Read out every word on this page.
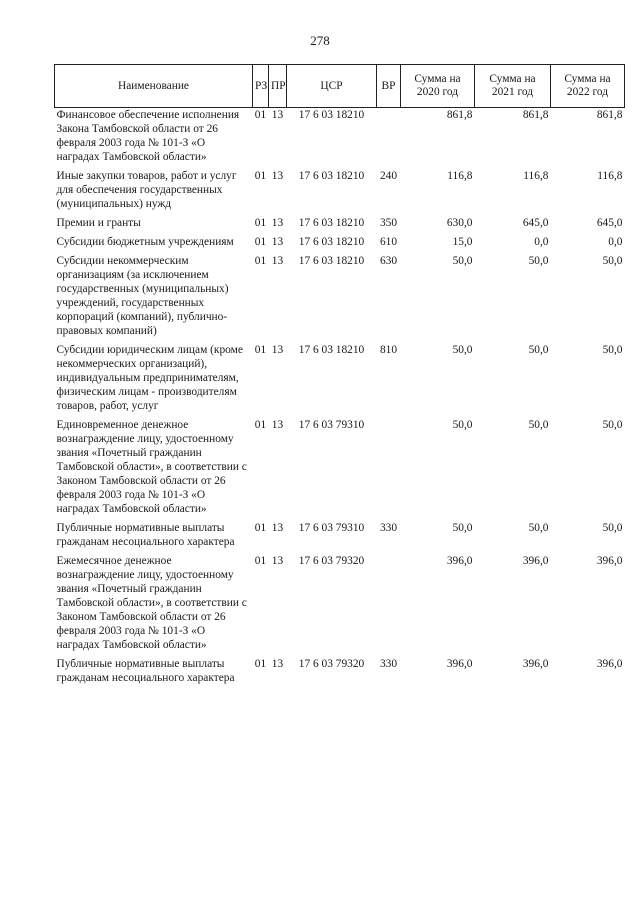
278
Наименование	РЗ	ПР	ЦСР	ВР	Сумма на 2020 год	Сумма на 2021 год	Сумма на 2022 год
Финансовое обеспечение исполнения Закона Тамбовской области от 26 февраля 2003 года № 101-З «О наградах Тамбовской области»	01	13	17 6 03 18210		861,8	861,8	861,8
Иные закупки товаров, работ и услуг для обеспечения государственных (муниципальных) нужд	01	13	17 6 03 18210	240	116,8	116,8	116,8
Премии и гранты	01	13	17 6 03 18210	350	630,0	645,0	645,0
Субсидии бюджетным учреждениям	01	13	17 6 03 18210	610	15,0	0,0	0,0
Субсидии некоммерческим организациям (за исключением государственных (муниципальных) учреждений, государственных корпораций (компаний), публично-правовых компаний)	01	13	17 6 03 18210	630	50,0	50,0	50,0
Субсидии юридическим лицам (кроме некоммерческих организаций), индивидуальным предпринимателям, физическим лицам - производителям товаров, работ, услуг	01	13	17 6 03 18210	810	50,0	50,0	50,0
Единовременное денежное вознаграждение лицу, удостоенному звания «Почетный гражданин Тамбовской области», в соответствии с Законом Тамбовской области от 26 февраля 2003 года № 101-З «О наградах Тамбовской области»	01	13	17 6 03 79310		50,0	50,0	50,0
Публичные нормативные выплаты гражданам несоциального характера	01	13	17 6 03 79310	330	50,0	50,0	50,0
Ежемесячное денежное вознаграждение лицу, удостоенному звания «Почетный гражданин Тамбовской области», в соответствии с Законом Тамбовской области от 26 февраля 2003 года № 101-З «О наградах Тамбовской области»	01	13	17 6 03 79320		396,0	396,0	396,0
Публичные нормативные выплаты гражданам несоциального характера	01	13	17 6 03 79320	330	396,0	396,0	396,0
